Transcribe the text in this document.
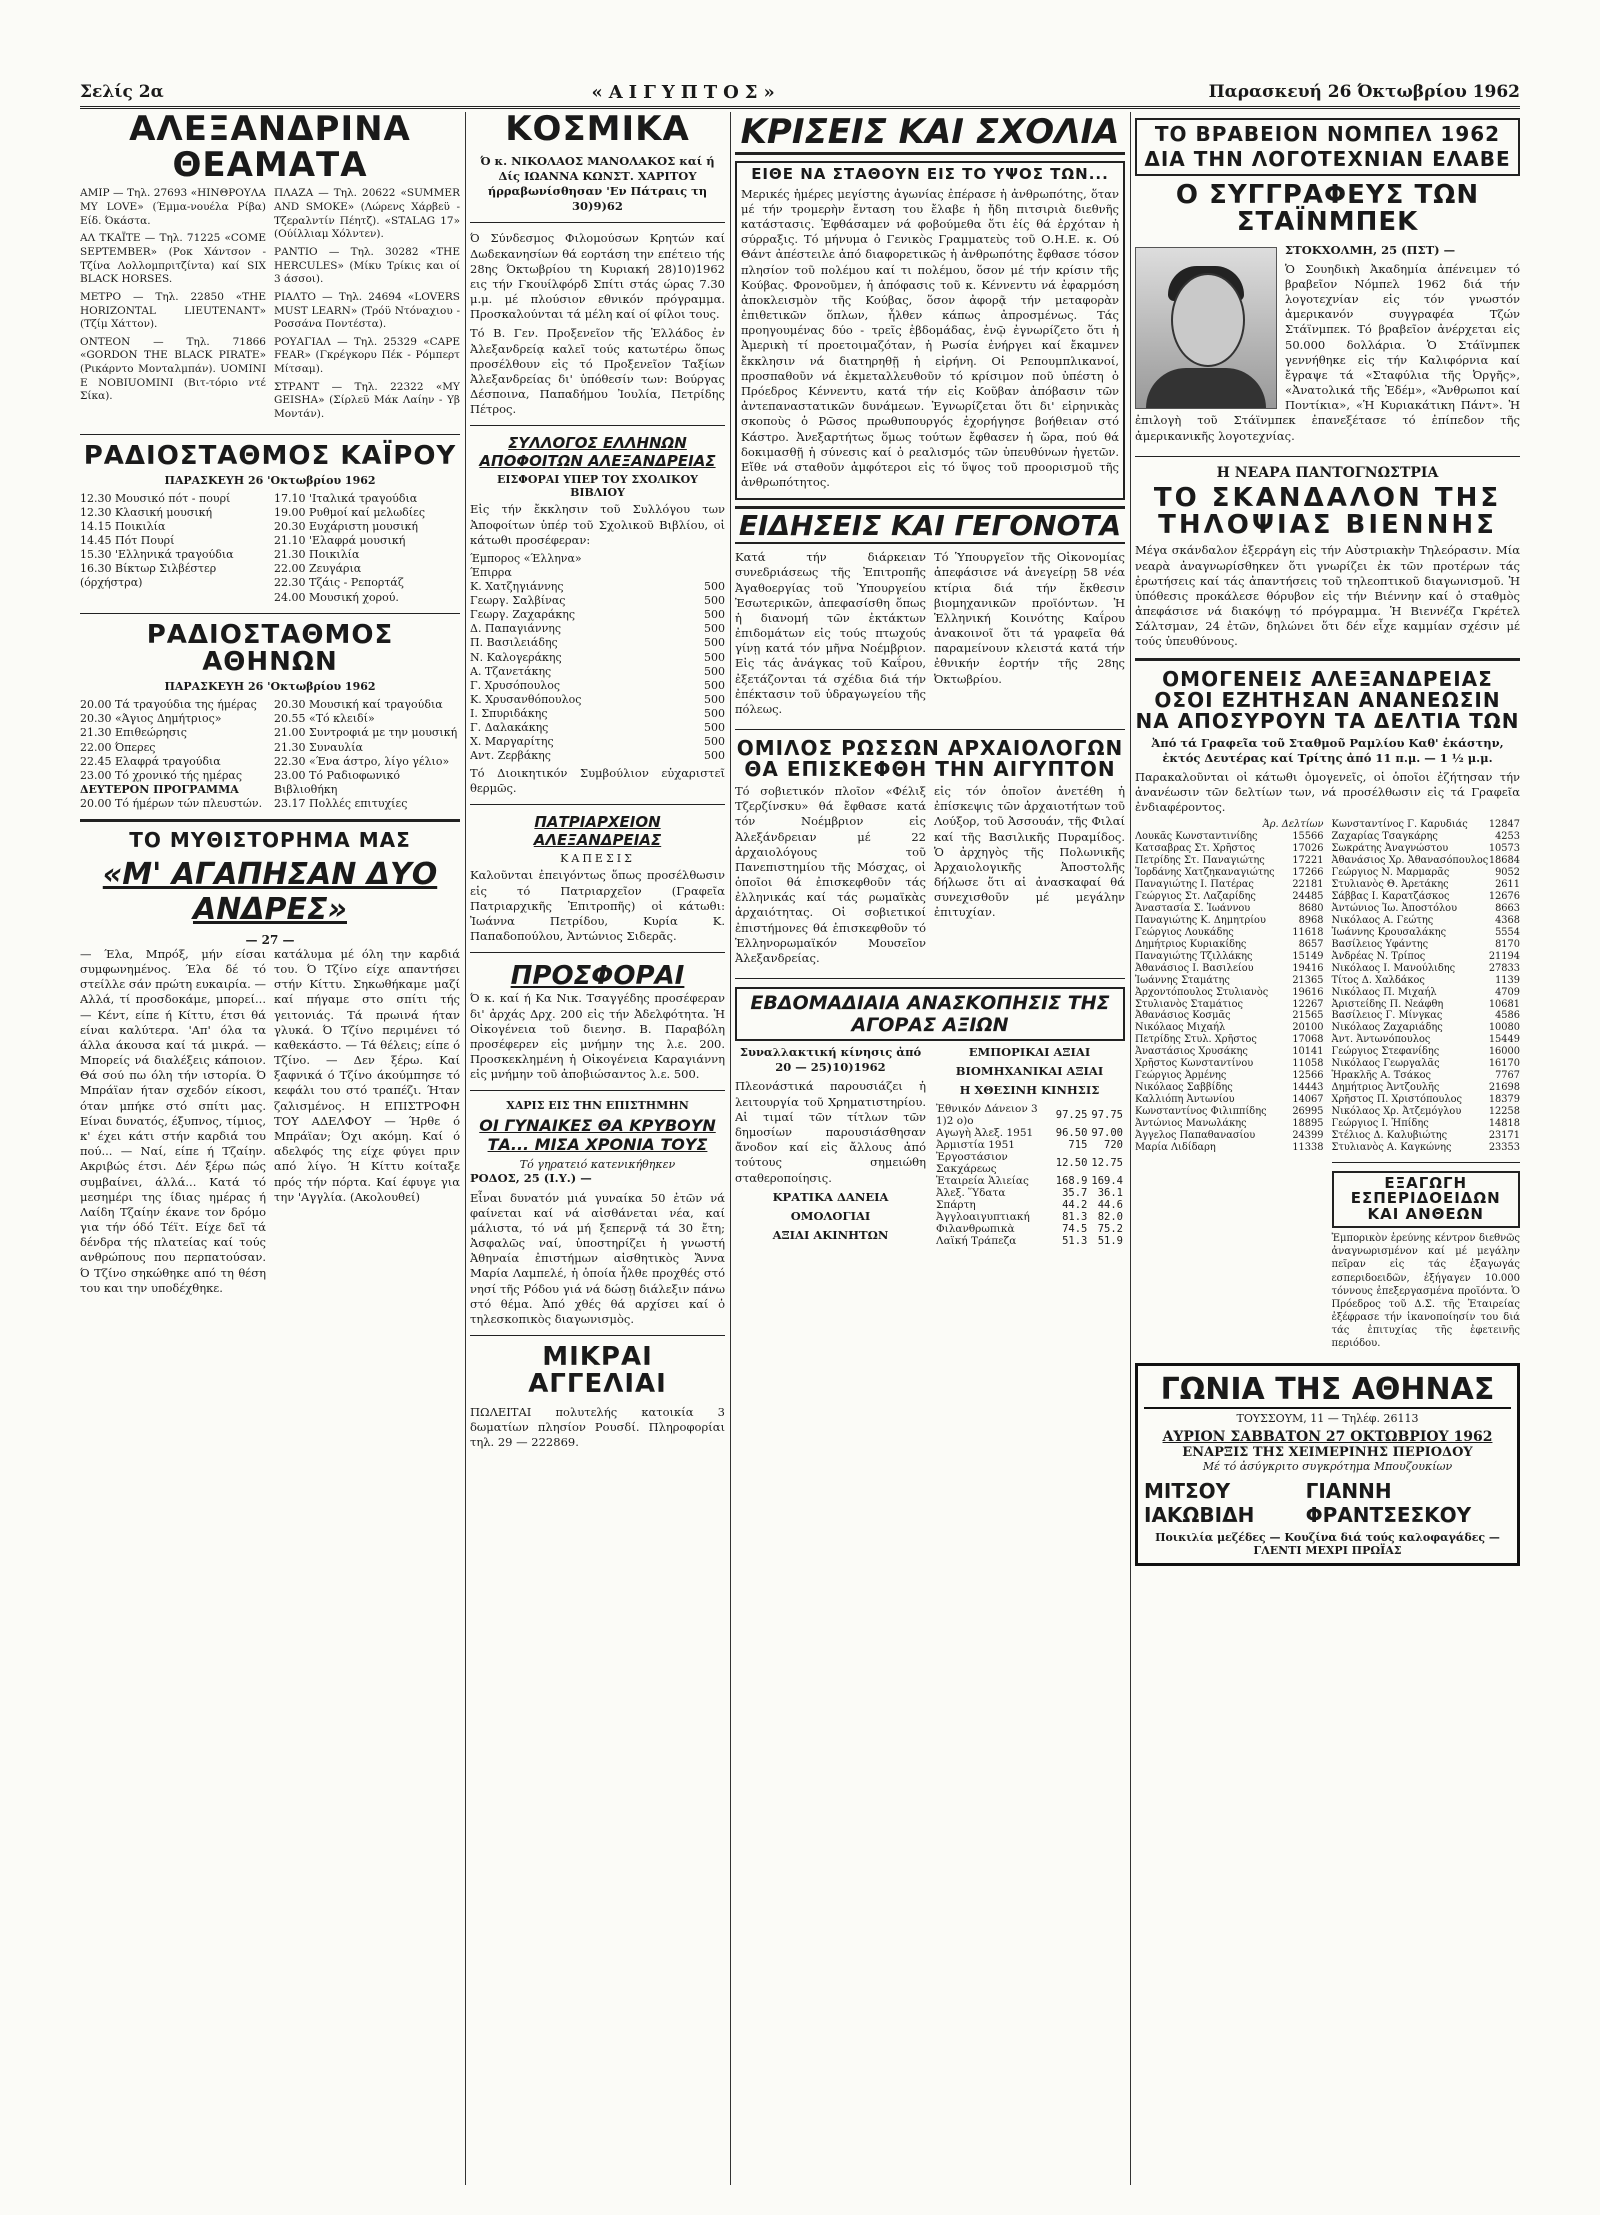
Σελίς 2α	«ΑΙΓΥΠΤΟΣ»	Παρασκευή 26 Όκτωβρίου 1962
ΑΛΕΞΑΝΔΡΙΝΑ ΘΕΑΜΑΤΑ

ΑΜΙΡ — Τηλ. 27693 «ΗΙΝΘΡΟΥΛΑ MY LOVE» (Έμμα-νουέλα Ρίβα) Είδ. Όκάστα.

ΑΛ ΤΚΑΪΤΕ — Τηλ. 71225 «COME SEPTEMBER» (Ροκ Χάντσον - Τζίνα Λολλομπριτζίντα) καί SIX BLACK HORSES.

ΜΕΤΡΟ — Τηλ. 22850 «THE HORIZONTAL LIEUTENANT» (Τζίμ Χάττον).

ΟΝΤΕΟΝ — Τηλ. 71866 «GORDON THE BLACK PIRATE» (Ρικάρντο Μονταλμπάν). UOMINI E NOBIUOMINI (Βιτ-τόριο ντέ Σίκα).

ΠΛΑΖΑ — Τηλ. 20622 «SUMMER AND SMOKE» (Λώρενς Χάρβεϋ - Τζεραλντίν Πέητζ). «STALAG 17» (Ούίλλιαμ Χόλντεν).

ΡΑΝΤΙΟ — Τηλ. 30282 «THE HERCULES» (Μίκυ Τρίκις και οί 3 άσσοι).

ΡΙΑΛΤΟ — Τηλ. 24694 «LOVERS MUST LEARN» (Τρόϋ Ντόναχιου - Ροσσάνα Ποντέστα).

ΡΟΥΑΓΙΑΛ — Τηλ. 25329 «CAPE FEAR» (Γκρέγκορυ Πέκ - Ρόμπερτ Μίτσαμ).

ΣΤΡΑΝΤ — Τηλ. 22322 «MY GEISHA» (Σίρλεϋ Μάκ Λαίην - Υβ Μοντάν).

ΡΑΔΙΟΣΤΑΘΜΟΣ ΚΑΪΡΟΥ
ΠΑΡΑΣΚΕΥΗ 26 'Οκτωβρίου 1962
12.30 Μουσικό πότ - πουρί
12.30 Κλασική μουσική
14.15 Ποικιλία
14.45 Πότ Πουρί
15.30 'Ελληνικά τραγούδια
16.30 Βίκτωρ Σιλβέστερ (όρχήστρα)
17.10 'Ιταλικά τραγούδια
19.00 Ρυθμοί καί μελωδίες
20.30 Ευχάριστη μουσική
21.10 'Ελαφρά μουσική
21.30 Ποικιλία
22.00 Ζευγάρια
22.30 Τζάις - Ρεπορτάζ
24.00 Μουσική χορού.
ΡΑΔΙΟΣΤΑΘΜΟΣ ΑΘΗΝΩΝ
ΠΑΡΑΣΚΕΥΗ 26 'Οκτωβρίου 1962
20.00 Τά τραγούδια της ήμέρας
20.30 «Άγιος Δημήτριος»
21.30 Επιθεώρησις
22.00 Όπερες
22.45 Ελαφρά τραγούδια
23.00 Τό χρονικό τής ημέρας
ΔΕΥΤΕΡΟΝ ΠΡΟΓΡΑΜΜΑ
20.00 Τό ήμέρων τών πλευστών.
20.30 Μουσική καί τραγούδια
20.55 «Τό κλειδί»
21.00 Συντροφιά με την μουσική
21.30 Συναυλία
22.30 «Ένα άστρο, λίγο γέλιο»
23.00 Τό Ραδιοφωνικό Βιβλιοθήκη
23.17 Πολλές επιτυχίες
ΤΟ ΜΥΘΙΣΤΟΡΗΜΑ ΜΑΣ
«Μ' ΑΓΑΠΗΣΑΝ ΔΥΟ ΑΝΔΡΕΣ»
— 27 —

— Έλα, Μπρόξ, μήν είσαι συμφωνημένος. Έλα δέ τό στείλλε σάν πρώτη ευκαιρία. — Αλλά, τί προσδοκάμε, μπορεί... — Κέντ, είπε ή Κίττυ, έτσι θά είναι καλύτερα. 'Απ' όλα τα άλλα άκουσα καί τά μικρά. — Μπορείς νά διαλέξεις κάποιον. Θά σού πω όλη τήν ιστορία. Ό Μπράϊαν ήταν σχεδόν είκοσι, όταν μπήκε στό σπίτι μας. Είναι δυνατός, έξυπνος, τίμιος, κ' έχει κάτι στήν καρδιά του πού... — Ναί, είπε ή Τζαίην. Ακριβώς έτσι. Δέν ξέρω πώς συμβαίνει, άλλά... Κατά τό μεσημέρι της ίδιας ημέρας ή Λαίδη Τζαίην έκανε τον δρόμο για τήν όδό Τέϊτ. Είχε δεῖ τά δένδρα τής πλατείας καί τούς ανθρώπους που περπατούσαν. Ό Τζίνο σηκώθηκε από τη θέση του και την υποδέχθηκε.

κατάλυμα μέ όλη την καρδιά του. Ό Τζίνο είχε απαντήσει στήν Κίττυ. Σηκωθήκαμε μαζί καί πήγαμε στο σπίτι τής γειτονιάς. Τά πρωινά ήταν γλυκά. Ό Τζίνο περιμένει τό καθεκάστο. — Τά θέλεις; είπε ό Τζίνο. — Δεν ξέρω. Καί ξαφνικά ό Τζίνο άκούμπησε τό κεφάλι του στό τραπέζι. Ήταν ζαλισμένος. Η ΕΠΙΣΤΡΟΦΗ ΤΟΥ ΑΔΕΛΦΟΥ — Ήρθε ό Μπράϊαν; Όχι ακόμη. Καί ό αδελφός της είχε φύγει πριν από λίγο. Ή Κίττυ κοίταξε πρός τήν πόρτα. Καί έφυγε για την 'Αγγλία. (Ακολουθεί)

ΚΟΣΜΙΚΑ

Ό κ. ΝΙΚΟΛΑΟΣ ΜΑΝΟΛΑΚΟΣ καί ή Δίς ΙΩΑΝΝΑ ΚΩΝΣΤ. ΧΑΡΙΤΟΥ ήρραβωνίσθησαν 'Εν Πάτραις τη 30)9)62

Ό Σύνδεσμος Φιλομούσων Κρητών καί Δωδεκανησίων θά εορτάση την επέτειο τής 28ης Όκτωβρίου τη Κυριακή 28)10)1962 εις τήν Γκουίλφόρδ Σπίτι στάς ώρας 7.30 μ.μ. μέ πλούσιον εθνικόν πρόγραμμα. Προσκαλούνται τά μέλη καί οί φίλοι τους.

Τό Β. Γεν. Προξενεῖον τῆς Ἑλλάδος ἐν Ἀλεξανδρείᾳ καλεῖ τούς κατωτέρω ὅπως προσέλθουν εἰς τό Προξενεῖον Ταξίων Ἀλεξανδρείας δι' ὑπόθεσίν των: Βούργας Δέσποινα, Παπαδήμου Ἰουλία, Πετρίδης Πέτρος.

ΣΥΛΛΟΓΟΣ ΕΛΛΗΝΩΝ ΑΠΟΦΟΙΤΩΝ ΑΛΕΞΑΝΔΡΕΙΑΣ
ΕΙΣΦΟΡΑΙ ΥΠΕΡ ΤΟΥ ΣΧΟΛΙΚΟΥ ΒΙΒΛΙΟΥ

Εἰς τήν ἔκκλησιν τοῦ Συλλόγου των Ἀποφοίτων ὑπέρ τοῦ Σχολικοῦ Βιβλίου, οἱ κάτωθι προσέφεραν:

Έμπορος «Έλληνα»
Έπιρρα
Κ. Χατζηγιάννης	500
Γεωργ. Σαλβίνας	500
Γεωργ. Ζαχαράκης	500
Δ. Παπαγιάννης	500
Π. Βασιλειάδης	500
Ν. Καλογεράκης	500
Α. Τζανετάκης	500
Γ. Χρυσόπουλος	500
Κ. Χρυσανθόπουλος	500
Ι. Σπυριδάκης	500
Γ. Δαλακάκης	500
Χ. Μαργαρίτης	500
Αντ. Ζερβάκης	500

Τό Διοικητικόν Συμβούλιον εὐχαριστεῖ θερμῶς.

ΠΑΤΡΙΑΡΧΕΙΟΝ ΑΛΕΞΑΝΔΡΕΙΑΣ
ΚΑΠΕΣΙΣ

Καλοῦνται ἐπειγόντως ὅπως προσέλθωσιν εἰς τό Πατριαρχεῖον (Γραφεῖα Πατριαρχικῆς Ἐπιτροπῆς) οἱ κάτωθι: Ἰωάννα Πετρίδου, Κυρία Κ. Παπαδοπούλου, Ἀντώνιος Σιδερᾶς.

ΠΡΟΣΦΟΡΑΙ

Ό κ. καί ή Κα Νικ. Τσαγγέδης προσέφεραν δι' ἀρχάς Δρχ. 200 εἰς τήν Ἀδελφότητα. Ἡ Οἰκογένεια τοῦ διενησ. Β. Παραβόλη προσέφερεν εἰς μνήμην της λ.ε. 200. Προσκεκλημένη ἡ Οἰκογένεια Καραγιάννη εἰς μνήμην τοῦ ἀποβιώσαντος λ.ε. 500.

ΧΑΡΙΣ ΕΙΣ ΤΗΝ ΕΠΙΣΤΗΜΗΝ
ΟΙ ΓΥΝΑΙΚΕΣ ΘΑ ΚΡΥΒΟΥΝ ΤΑ... ΜΙΣΑ ΧΡΟΝΙΑ ΤΟΥΣ
Τό γηρατειό κατενικήθηκεν

ΡΟΔΟΣ, 25 (Ι.Υ.) —

Εἶναι δυνατόν μιά γυναίκα 50 ἐτῶν νά φαίνεται καί νά αἰσθάνεται νέα, καί μάλιστα, τό νά μή ξεπερνᾷ τά 30 ἔτη; Ἀσφαλῶς ναί, ὑποστηρίζει ἡ γνωστή Ἀθηναία ἐπιστήμων αἰσθητικὸς Ἄννα Μαρία Λαμπελέ, ἡ ὁποία ἦλθε προχθές στό νησί τῆς Ρόδου γιά νά δώσῃ διάλεξιν πάνω στό θέμα. Ἀπό χθές θά αρχίσει καί ὁ τηλεσκοπικὸς διαγωνισμὸς.

ΜΙΚΡΑΙ ΑΓΓΕΛΙΑΙ

ΠΩΛΕΙΤΑΙ πολυτελής κατοικία 3 δωματίων πλησίον Ρουσδί. Πληροφορίαι τηλ. 29 — 222869.

ΚΡΙΣΕΙΣ ΚΑΙ ΣΧΟΛΙΑ
ΕΙΘΕ ΝΑ ΣΤΑΘΟΥΝ ΕΙΣ ΤΟ ΥΨΟΣ ΤΩΝ...

Μερικές ἡμέρες μεγίστης ἀγωνίας ἐπέρασε ἡ ἀνθρωπότης, ὅταν μέ τήν τρομερὴν ἔνταση του ἔλαβε ἡ ἤδη πιτσιριὰ διεθνῆς κατάστασις. Ἐφθάσαμεν νά φοβούμεθα ὅτι ἐίς θά ἐρχόταν ἡ σύρραξις. Τό μήνυμα ὁ Γενικὸς Γραμματεὺς τοῦ Ο.Η.Ε. κ. Ού Θάντ ἀπέστειλε ἀπό διαφορετικῶς ἡ ἀνθρωπότης ἔφθασε τόσον πλησίον τοῦ πολέμου καί τι πολέμου, ὅσον μέ τήν κρίσιν τῆς Κούβας. Φρονοῦμεν, ἡ ἀπόφασις τοῦ κ. Κέννεντυ νά ἐφαρμόση ἀποκλεισμὸν τῆς Κούβας, ὅσον ἀφορᾷ τήν μεταφορὰν ἐπιθετικῶν ὅπλων, ἦλθεν κάπως ἀπροσμένως. Τάς προηγουμένας δύο - τρεῖς ἑβδομάδας, ἐνῷ ἐγνωρίζετο ὅτι ἡ Ἀμερικὴ τί προετοιμαζόταν, ἡ Ρωσία ἐνήργει καί ἔκαμνεν ἔκκλησιν νά διατηρηθῇ ἡ εἰρήνη. Οἱ Ρεπουμπλικανοί, προσπαθοῦν νά ἐκμεταλλευθοῦν τό κρίσιμον ποῦ ὑπέστη ὁ Πρόεδρος Κέννεντυ, κατά τήν εἰς Κοῦβαν ἀπόβασιν τῶν ἀντεπαναστατικῶν δυνάμεων. Ἐγνωρίζεται ὅτι δι' εἰρηνικὰς σκοποὺς ὁ Ρῶσος πρωθυπουργός ἐχορήγησε βοήθειαν στό Κάστρο. Ἀνεξαρτήτως ὅμως τούτων ἔφθασεν ἡ ὥρα, πού θά δοκιμασθῇ ἡ σύνεσις καί ὁ ρεαλισμός τῶν ὑπευθύνων ἡγετῶν. Εἴθε νά σταθοῦν ἀμφότεροι εἰς τό ὕψος τοῦ προορισμοῦ τῆς ἀνθρωπότητος.

ΕΙΔΗΣΕΙΣ ΚΑΙ ΓΕΓΟΝΟΤΑ

Κατά τήν διάρκειαν συνεδριάσεως τῆς Ἐπιτροπῆς Ἀγαθοεργίας τοῦ Ὑπουργείου Ἐσωτερικῶν, ἀπεφασίσθη ὅπως ἡ διανομή τῶν ἐκτάκτων ἐπιδομάτων εἰς τούς πτωχούς γίνῃ κατά τόν μῆνα Νοέμβριον. Εἰς τάς ἀνάγκας τοῦ Καΐρου, ἐξετάζονται τά σχέδια διά τήν ἐπέκτασιν τοῦ ὑδραγωγείου τῆς πόλεως.

Τό Ὑπουργεῖον τῆς Οἰκονομίας ἀπεφάσισε νά ἀνεγείρῃ 58 νέα κτίρια διά τήν ἔκθεσιν βιομηχανικῶν προϊόντων. Ἡ Ἑλληνική Κοινότης Καΐρου ἀνακοινοῖ ὅτι τά γραφεῖα θά παραμείνουν κλειστά κατά τήν ἐθνικήν ἑορτήν τῆς 28ης Ὀκτωβρίου.

ΟΜΙΛΟΣ ΡΩΣΣΩΝ ΑΡΧΑΙΟΛΟΓΩΝ ΘΑ ΕΠΙΣΚΕΦΘΗ ΤΗΝ ΑΙΓΥΠΤΟΝ

Τό σοβιετικόν πλοῖον «Φέλιξ Τζερζίνσκυ» θά ἔφθασε κατά τόν Νοέμβριον εἰς Ἀλεξάνδρειαν μέ 22 ἀρχαιολόγους τοῦ Πανεπιστημίου τῆς Μόσχας, οἱ ὁποῖοι θά ἐπισκεφθοῦν τάς ἐλληνικάς καί τάς ρωμαϊκὰς ἀρχαιότητας. Οἱ σοβιετικοί ἐπιστήμονες θά ἐπισκεφθοῦν τό Ἑλληνορωμαϊκόν Μουσεῖον Ἀλεξανδρείας.

εἰς τόν ὁποῖον ἀνετέθη ἡ ἐπίσκεψις τῶν ἀρχαιοτήτων τοῦ Λούξορ, τοῦ Ἀσσουάν, τῆς Φιλαί καί τῆς Βασιλικῆς Πυραμίδος. Ὁ ἀρχηγὸς τῆς Πολωνικῆς Ἀρχαιολογικῆς Ἀποστολῆς δήλωσε ὅτι αἱ ἀνασκαφαί θά συνεχισθοῦν μέ μεγάλην ἐπιτυχίαν.

ΕΒΔΟΜΑΔΙΑΙΑ ΑΝΑΣΚΟΠΗΣΙΣ ΤΗΣ ΑΓΟΡΑΣ ΑΞΙΩΝ

Συναλλακτική κίνησις ἀπό 20 — 25)10)1962

Πλεονάστικά παρουσιάζει ἡ λειτουργία τοῦ Χρηματιστηρίου. Αἱ τιμαί τῶν τίτλων τῶν δημοσίων παρουσιάσθησαν ἄνοδον καί εἰς ἄλλους ἀπό τούτους σημειώθη σταθεροποίησις.

ΚΡΑΤΙΚΑ ΔΑΝΕΙΑ

ΟΜΟΛΟΓΙΑΙ

ΑΞΙΑΙ ΑΚΙΝΗΤΩΝ

ΕΜΠΟΡΙΚΑΙ ΑΞΙΑΙ

ΒΙΟΜΗΧΑΝΙΚΑΙ ΑΞΙΑΙ

Η ΧΘΕΣΙΝΗ ΚΙΝΗΣΙΣ

Ἐθνικόν Δάνειον 3 1)2 ο)ο	97.25	97.75
Αγωγὴ Ἀλεξ. 1951	96.50	97.00
Ἀρμιστία 1951	715	720
Ἐργοστάσιον Σακχάρεως	12.50	12.75
Ἑταιρεία Ἁλιείας	168.9	169.4
Ἀλεξ. Ὕδατα	35.7	36.1
Σπάρτη	44.2	44.6
Ἀγγλοαιγυπτιακή	81.3	82.0
Φιλανθρωπικὰ	74.5	75.2
Λαϊκή Τράπεζα	51.3	51.9
ΤΟ ΒΡΑΒΕΙΟΝ ΝΟΜΠΕΛ 1962
ΔΙΑ ΤΗΝ ΛΟΓΟΤΕΧΝΙΑΝ ΕΛΑΒΕ
Ο ΣΥΓΓΡΑΦΕΥΣ ΤΩΝ ΣΤΑΪΝΜΠΕΚ

ΣΤΟΚΧΟΛΜΗ, 25 (ΠΣΤ) —

Ὁ Σουηδικὴ Ἀκαδημία ἀπένειμεν τό βραβεῖον Νόμπελ 1962 διά τήν λογοτεχνίαν εἰς τόν γνωστόν ἀμερικανόν συγγραφέα Τζών Στάϊνμπεκ. Τό βραβεῖον ἀνέρχεται εἰς 50.000 δολλάρια. Ὁ Στάϊνμπεκ γεννήθηκε εἰς τήν Καλιφόρνια καί ἔγραψε τά «Σταφύλια τῆς Ὀργῆς», «Ἀνατολικά τῆς Ἐδέμ», «Ἄνθρωποι καί Ποντίκια», «Ἡ Κυριακάτικη Πάντ». Ἡ ἐπιλογὴ τοῦ Στάϊνμπεκ ἐπανεξέτασε τό ἐπίπεδον τῆς ἀμερικανικῆς λογοτεχνίας.

Η ΝΕΑΡΑ ΠΑΝΤΟΓΝΩΣΤΡΙΑ
ΤΟ ΣΚΑΝΔΑΛΟΝ ΤΗΣ ΤΗΛΟΨΙΑΣ ΒΙΕΝΝΗΣ

Μέγα σκάνδαλον ἐξερράγη εἰς τήν Αὐστριακὴν Τηλεόρασιν. Μία νεαρὰ ἀναγνωρίσθηκεν ὅτι γνωρίζει ἐκ τῶν προτέρων τάς ἐρωτήσεις καί τάς ἀπαντήσεις τοῦ τηλεοπτικοῦ διαγωνισμοῦ. Ἡ ὑπόθεσις προκάλεσε θόρυβον εἰς τήν Βιέννην καί ὁ σταθμὸς ἀπεφάσισε νά διακόψῃ τό πρόγραμμα. Ἡ Βιεννέζα Γκρέτελ Σάλτσμαν, 24 ἐτῶν, δηλώνει ὅτι δέν εἶχε καμμίαν σχέσιν μέ τούς ὑπευθύνους.

ΟΜΟΓΕΝΕΙΣ ΑΛΕΞΑΝΔΡΕΙΑΣ ΟΣΟΙ ΕΖΗΤΗΣΑΝ ΑΝΑΝΕΩΣΙΝ ΝΑ ΑΠΟΣΥΡΟΥΝ ΤΑ ΔΕΛΤΙΑ ΤΩΝ

Ἀπό τά Γραφεῖα τοῦ Σταθμοῦ Ραμλίου Καθ' ἑκάστην, ἐκτός Δευτέρας καί Τρίτης ἀπό 11 π.μ. — 1 ½ μ.μ.

Παρακαλοῦνται οἱ κάτωθι ὁμογενεῖς, οἱ ὁποῖοι ἐζήτησαν τήν ἀνανέωσιν τῶν δελτίων των, νά προσέλθωσιν εἰς τά Γραφεῖα ἐνδιαφέροντος.

Ἀρ. Δελτίων
Λουκᾶς Κωνσταντινίδης	15566
Κατσαβρας Στ. Χρῆστος	17026
Πετρίδης Στ. Παναγιώτης	17221
Ἰορδάνης Χατζηκαναγιώτης 17266
Παναγιώτης Ι. Πατέρας	22181
Γεώργιος Στ. Λαζαρίδης	24485
Ἀναστασία Σ. Ἰωάννου	8680
Παναγιώτης Κ. Δημητρίου	8968
Γεώργιος Λουκάδης	11618
Δημήτριος Κυριακίδης	8657
Παναγιώτης Τζιλλάκης	15149
Ἀθανάσιος Ι. Βασιλείου	19416
Ἰωάννης Σταμάτης	21365
Ἀρχοντόπουλος Στυλιανὸς 19616
Στυλιανὸς Σταμάτιος	12267
Ἀθανάσιος Κοσμᾶς	21565
Νικόλαος Μιχαήλ	20100
Πετρίδης Στυλ. Χρῆστος	17068
Ἀναστάσιος Χρυσάκης	10141
Χρῆστος Κωνσταντίνου	11058
Γεώργιος Ἀρμένης	12566
Νικόλαος Σαββίδης	14443
Καλλιόπη Ἀντωνίου	14067
Κωνσταντίνος Φιλιππίδης	26995
Ἀντώνιος Μανωλάκης	18895
Ἀγγελος Παπαθανασίου	24399
Μαρία Λιδίδαρη	11338
Κωνσταντίνος Γ. Καρυδιάς 12847
Ζαχαρίας Τσαγκάρης	4253
Σωκράτης Ἀναγνώστου	10573
Ἀθανάσιος Χρ. Ἀθανασόπουλος 18684
Γεώργιος Ν. Μαρμαρᾶς	9052
Στυλιανὸς Θ. Ἀρετάκης	2611
Σάββας Ι. Καρατζάσκος	12676
Ἀντώνιος Ἰω. Ἀποστόλου	8663
Νικόλαος Α. Γεώτης	4368
Ἰωάννης Κρουσαλάκης	5554
Βασίλειος Υφάντης	8170
Ἀνδρέας Ν. Τρίπος	21194
Νικόλαος Ι. Μανούλιδης	27833
Τίτος Δ. Χαλδάκος	1139
Νικόλαος Π. Μιχαήλ	4709
Ἀριστείδης Π. Νεάφθη	10681
Βασίλειος Γ. Μίνγκας	4586
Νικόλαος Ζαχαριάδης	10080
Ἀντ. Ἀντωνόπουλος	15449
Γεώργιος Στεφανίδης	16000
Νικόλαος Γεωργαλᾶς	16170
Ἡρακλῆς Α. Τσάκος	7767
Δημήτριος Ἀντζουλῆς	21698
Χρῆστος Π. Χριστόπουλος	18379
Νικόλαος Χρ. Ἀτζεμόγλου	12258
Γεώργιος Ι. Ἠπίδης	14818
Στέλιος Δ. Καλυβιώτης	23171
Στυλιανὸς Α. Καγκώνης	23353
ΕΞΑΓΩΓΗ ΕΣΠΕΡΙΔΟΕΙΔΩΝ ΚΑΙ ΑΝΘΕΩΝ

Ἐμπορικὸν ἐρεύνης κέντρον διεθνῶς ἀναγνωρισμένον καί μέ μεγάλην πεῖραν εἰς τάς ἐξαγωγάς εσπεριδοειδῶν, ἐξήγαγεν 10.000 τόννους ἐπεξεργασμένα προϊόντα. Ὁ Πρόεδρος τοῦ Δ.Σ. τῆς Ἑταιρείας ἐξέφρασε τήν ἱκανοποίησίν του διά τάς ἐπιτυχίας τῆς ἐφετεινῆς περιόδου.

ΓΩΝΙΑ ΤΗΣ ΑΘΗΝΑΣ
ΤΟΥΣΣΟΥΜ, 11 — Τηλέφ. 26113
ΑΥΡΙΟΝ ΣΑΒΒΑΤΟΝ 27 ΟΚΤΩΒΡΙΟΥ 1962
ΕΝΑΡΞΙΣ ΤΗΣ ΧΕΙΜΕΡΙΝΗΣ ΠΕΡΙΟΔΟΥ
Μέ τό ἀσύγκριτο συγκρότημα Μπουζουκίων
ΜΙΤΣΟΥ ΙΑΚΩΒΙΔΗ
ΓΙΑΝΝΗ ΦΡΑΝΤΣΕΣΚΟΥ
Ποικιλία μεζέδες — Κουζίνα διά τούς καλοφαγάδες — ΓΛΕΝΤΙ ΜΕΧΡΙ ΠΡΩΪΑΣ
